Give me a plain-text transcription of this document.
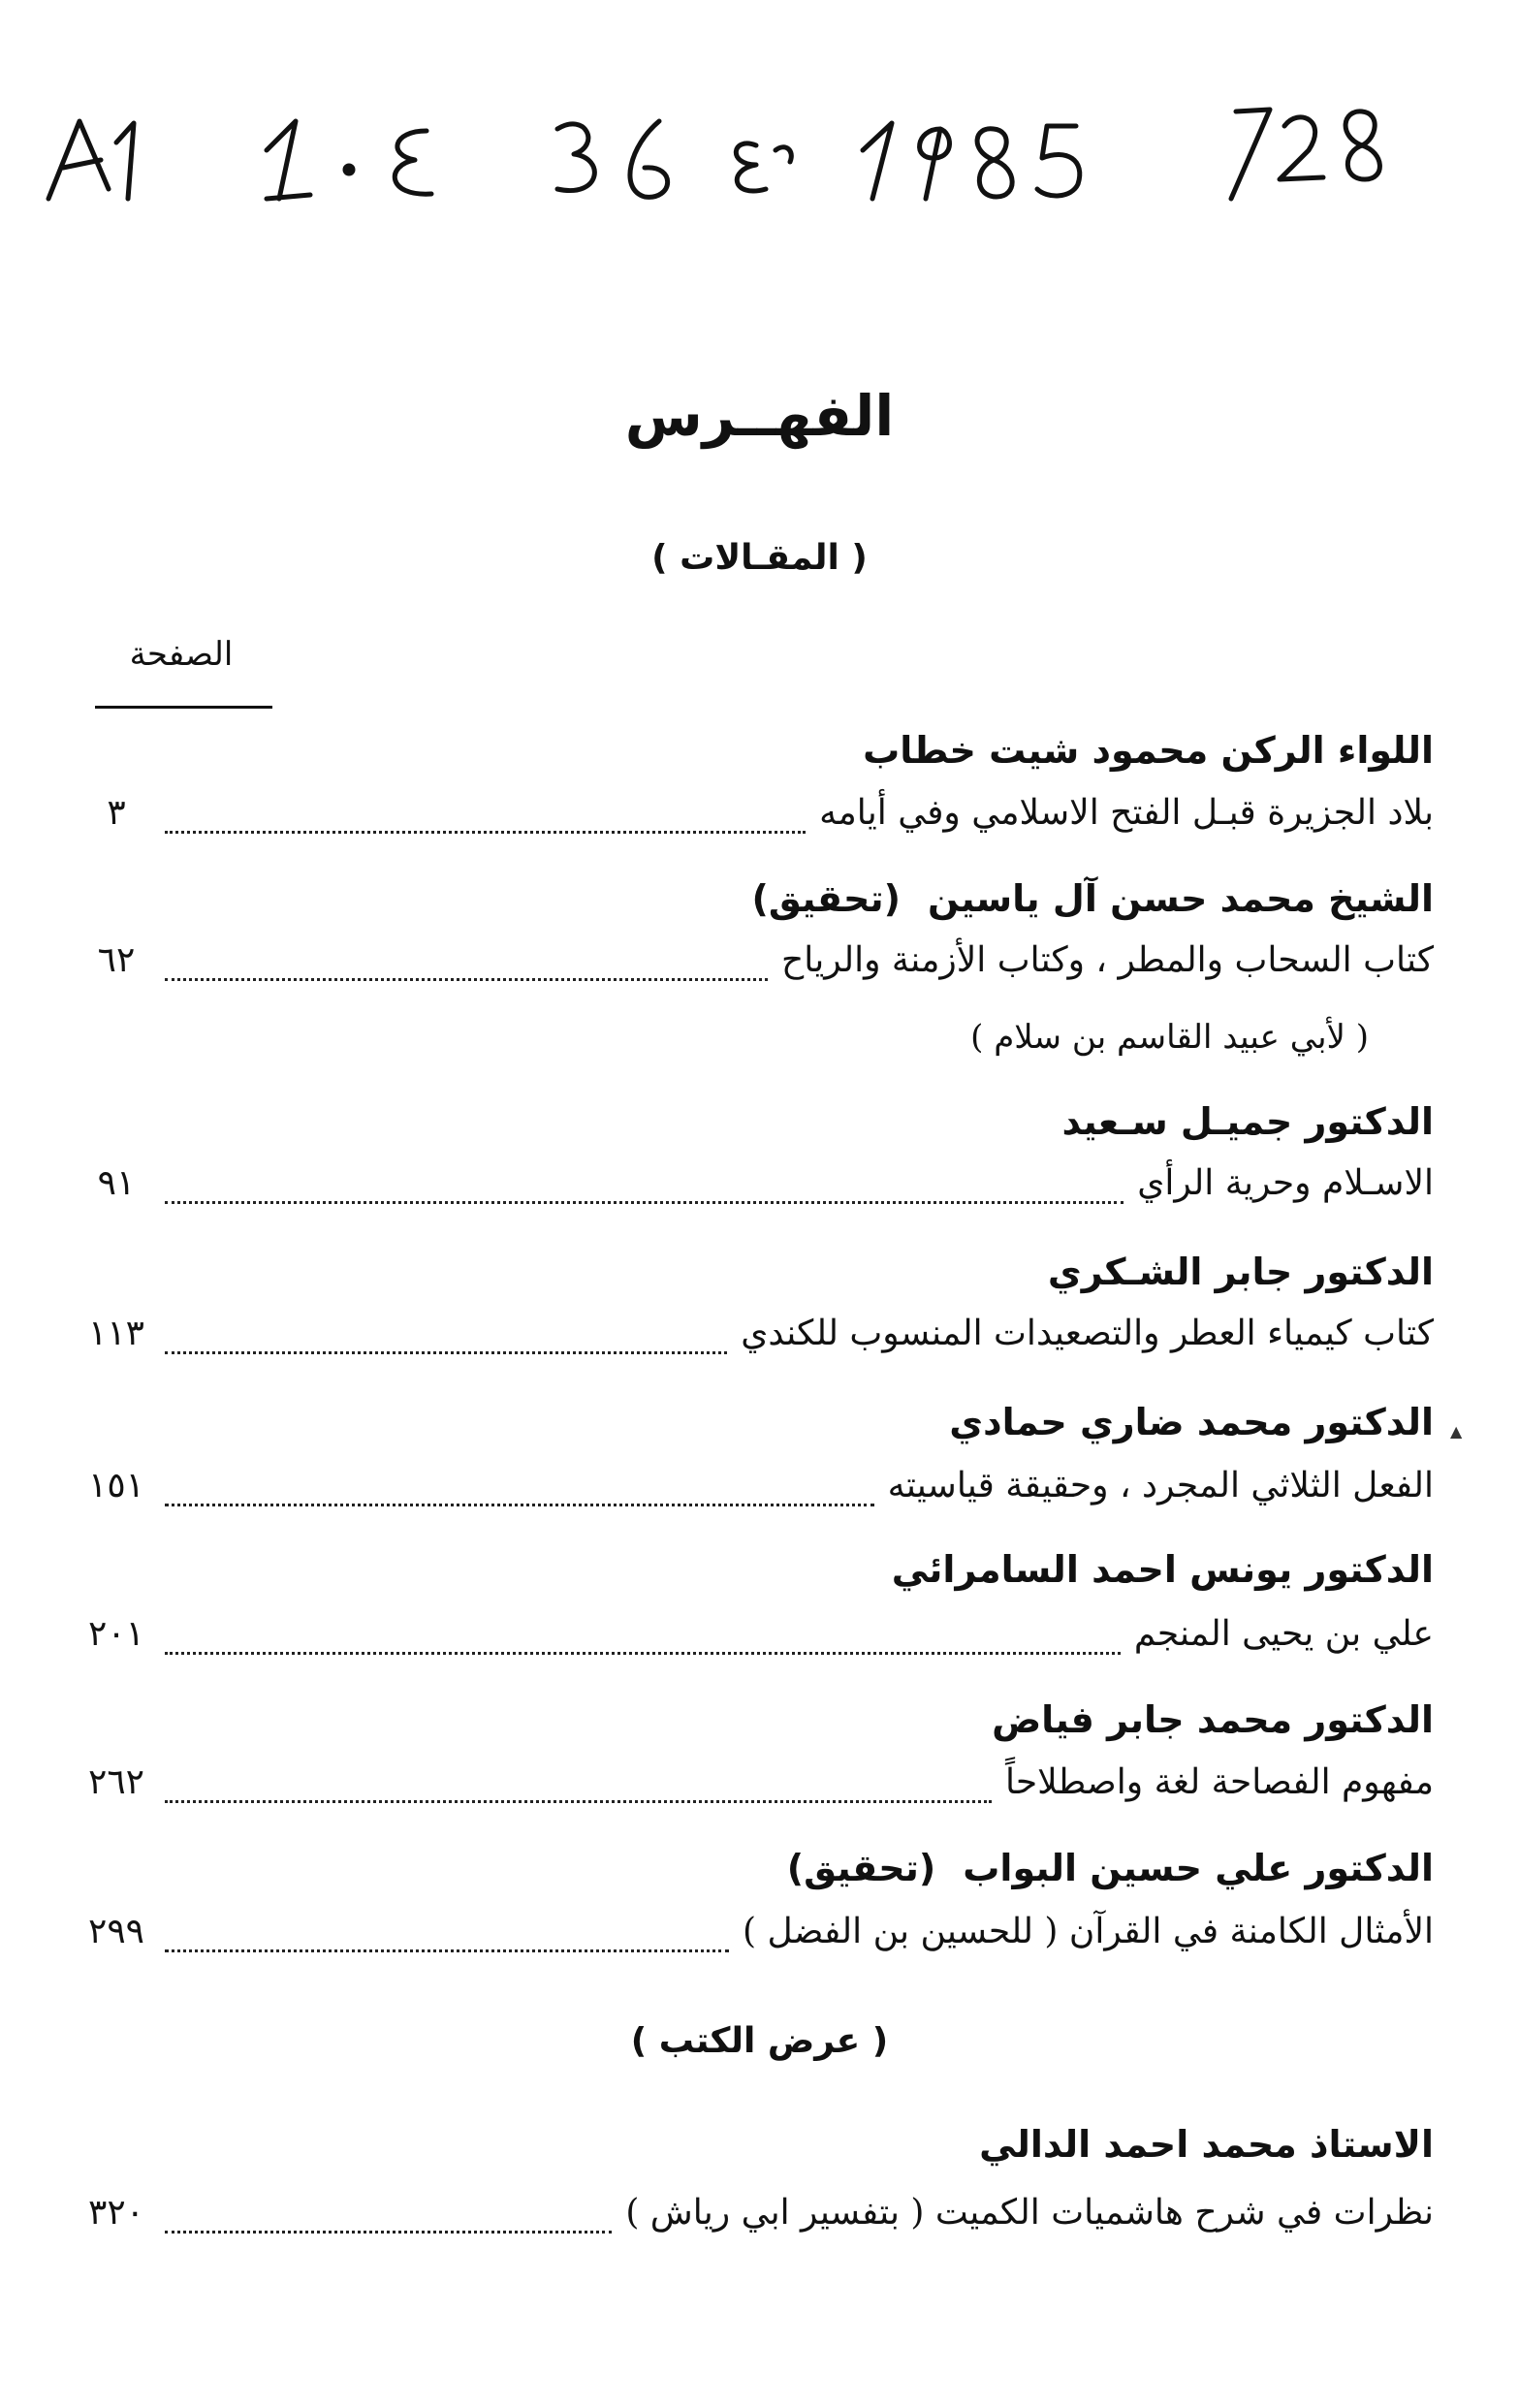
الفهــرس
( المقـالات )
الصفحة
اللواء الركن محمود شيت خطاب
بلاد الجزيرة قبـل الفتح الاسلامي وفي أيامه
٣
الشيخ محمد حسن آل ياسين(تحقيق)
كتاب السحاب والمطر ، وكتاب الأزمنة والرياح
٦٢
( لأبي عبيد القاسم بن سلام )
الدكتور جميـل سـعيد
الاسـلام وحرية الرأي
٩١
الدكتور جابر الشـكري
كتاب كيمياء العطر والتصعيدات المنسوب للكندي
١١٣
الدكتور محمد ضاري حمادي ▲
الفعل الثلاثي المجرد ، وحقيقة قياسيته
١٥١
الدكتور يونس احمد السامرائي
علي بن يحيى المنجم
٢٠١
الدكتور محمد جابر فياض
مفهوم الفصاحة لغة واصطلاحاً
٢٦٢
الدكتور علي حسين البواب(تحقيق)
الأمثال الكامنة في القرآن ( للحسين بن الفضل )
٢٩٩
( عرض الكتب )
الاستاذ محمد احمد الدالي
نظرات في شرح هاشميات الكميت ( بتفسير ابي رياش )
٣٢٠
